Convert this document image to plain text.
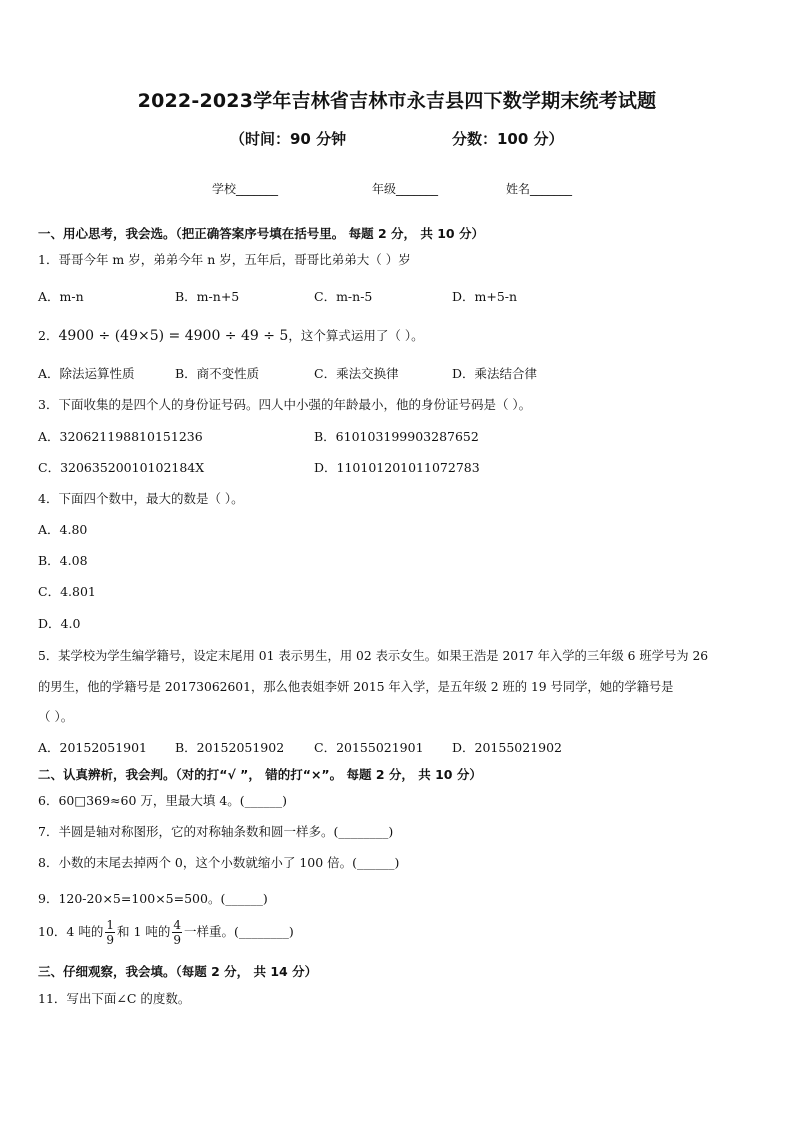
2022-2023学年吉林省吉林市永吉县四下数学期末统考试题
（时间：90 分钟	分数：100 分）
学校_______	年级_______	姓名_______
一、用心思考，我会选。（把正确答案序号填在括号里。 每题 2 分， 共 10 分）
1．哥哥今年 m 岁，弟弟今年 n 岁，五年后，哥哥比弟弟大（ ）岁
A．m-n	B．m-n+5	C．m-n-5	D．m+5-n
2．4900 ÷ (49×5) = 4900 ÷ 49 ÷ 5，这个算式运用了（ ）。
A．除法运算性质	B．商不变性质	C．乘法交换律	D．乘法结合律
3．下面收集的是四个人的身份证号码。四人中小强的年龄最小，他的身份证号码是（ ）。
A．320621198810151236	B．610103199903287652
C．32063520010102184X	D．110101201011072783
4．下面四个数中，最大的数是（ ）。
A．4.80
B．4.08
C．4.801
D．4.0
5．某学校为学生编学籍号，设定末尾用 01 表示男生，用 02 表示女生。如果王浩是 2017 年入学的三年级 6 班学号为 26
的男生，他的学籍号是 20173062601，那么他表姐李妍 2015 年入学，是五年级 2 班的 19 号同学，她的学籍号是
（ ）。
A．20152051901 B．20152051902 C．20155021901 D．20155021902
二、认真辨析，我会判。（对的打“√ ”， 错的打“×”。 每题 2 分， 共 10 分）
6．60□369≈60 万，里最大填 4。(______)
7．半圆是轴对称图形，它的对称轴条数和圆一样多。(________)
8．小数的末尾去掉两个 0，这个小数就缩小了 100 倍。(______)
9．120-20×5=100×5=500。(______)
10．4 吨的 $\frac{1}{9}$ 和 1 吨的 $\frac{4}{9}$ 一样重。(________)
三、仔细观察，我会填。（每题 2 分， 共 14 分）
11．写出下面∠C 的度数。
